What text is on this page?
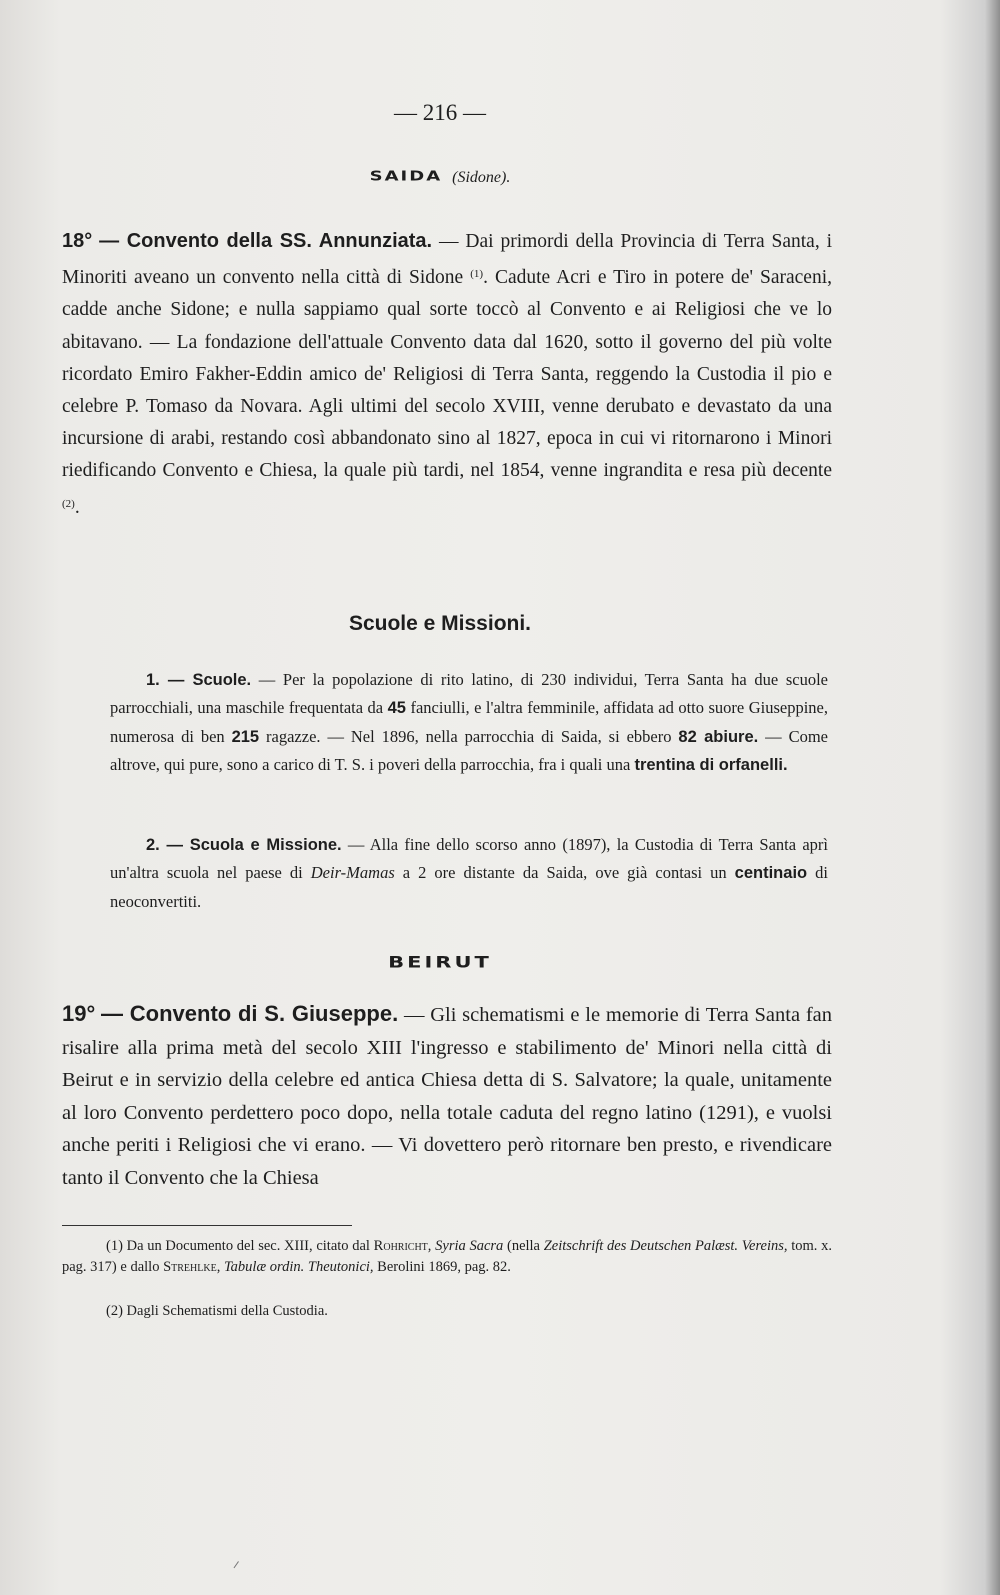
— 216 —
SAIDA (Sidone).
18° — Convento della SS. Annunziata. — Dai primordi della Provincia di Terra Santa, i Minoriti aveano un convento nella città di Sidone $^{(1)}$. Cadute Acri e Tiro in potere de' Saraceni, cadde anche Sidone; e nulla sappiamo qual sorte toccò al Convento e ai Religiosi che ve lo abitavano. — La fondazione dell'attuale Convento data dal 1620, sotto il governo del più volte ricordato Emiro Fakher-Eddin amico de' Religiosi di Terra Santa, reggendo la Custodia il pio e celebre P. Tomaso da Novara. Agli ultimi del secolo XVIII, venne derubato e devastato da una incursione di arabi, restando così abbandonato sino al 1827, epoca in cui vi ritornarono i Minori riedificando Convento e Chiesa, la quale più tardi, nel 1854, venne ingrandita e resa più decente $^{(2)}$.
Scuole e Missioni.
1. — Scuole. — Per la popolazione di rito latino, di 230 individui, Terra Santa ha due scuole parrocchiali, una maschile frequentata da 45 fanciulli, e l'altra femminile, affidata ad otto suore Giuseppine, numerosa di ben 215 ragazze. — Nel 1896, nella parrocchia di Saida, si ebbero 82 abiure. — Come altrove, qui pure, sono a carico di T. S. i poveri della parrocchia, fra i quali una trentina di orfanelli.
2. — Scuola e Missione. — Alla fine dello scorso anno (1897), la Custodia di Terra Santa aprì un'altra scuola nel paese di Deir-Mamas a 2 ore distante da Saida, ove già contasi un centinaio di neoconvertiti.
BEIRUT
19° — Convento di S. Giuseppe. — Gli schematismi e le memorie di Terra Santa fan risalire alla prima metà del secolo XIII l'ingresso e stabilimento de' Minori nella città di Beirut e in servizio della celebre ed antica Chiesa detta di S. Salvatore; la quale, unitamente al loro Convento perdettero poco dopo, nella totale caduta del regno latino (1291), e vuolsi anche periti i Religiosi che vi erano. — Vi dovettero però ritornare ben presto, e rivendicare tanto il Convento che la Chiesa
(1) Da un Documento del sec. XIII, citato dal Rohricht, Syria Sacra (nella Zeitschrift des Deutschen Palæst. Vereins, tom. x. pag. 317) e dallo Strehlke, Tabulæ ordin. Theutonici, Berolini 1869, pag. 82.
(2) Dagli Schematismi della Custodia.
